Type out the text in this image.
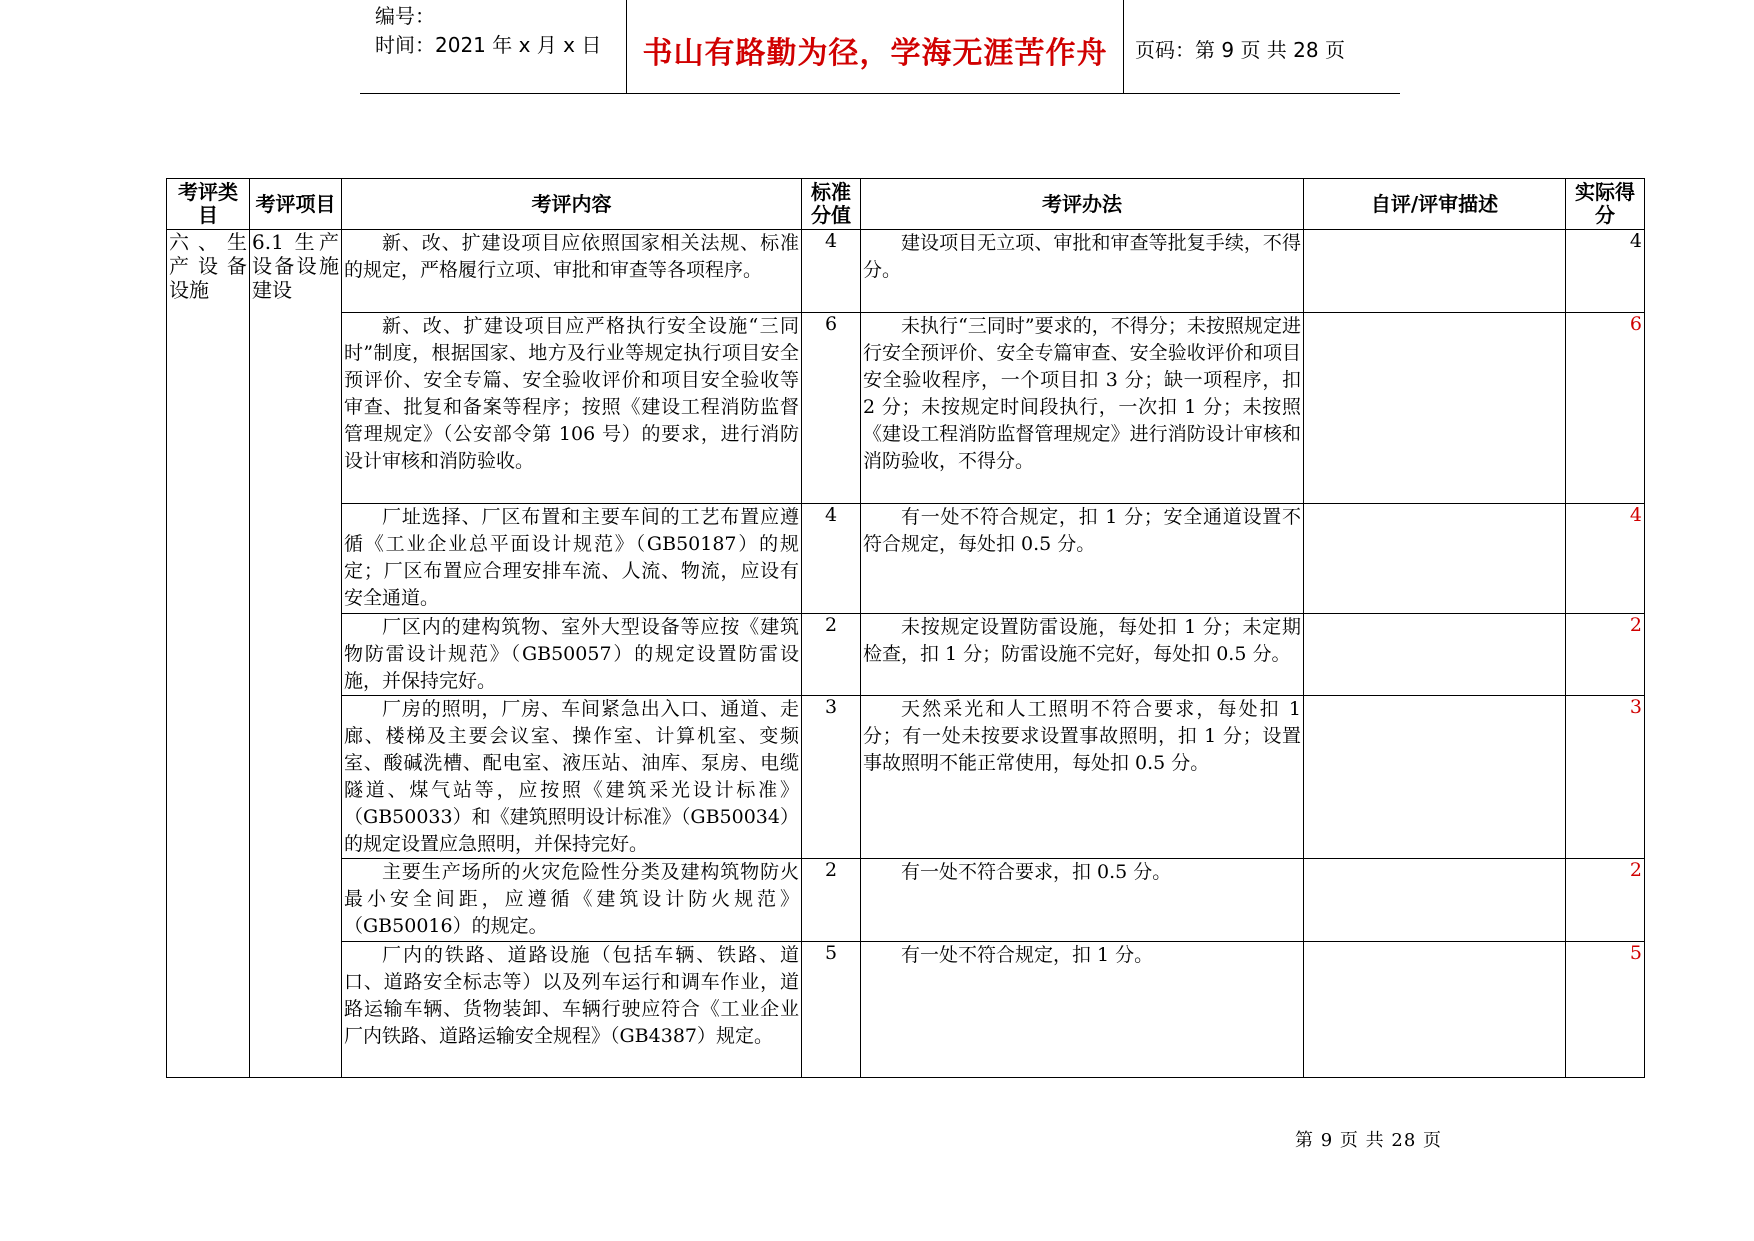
编号：
时间：2021 年 x 月 x 日	书山有路勤为径，学海无涯苦作舟	页码：第 9 页 共 28 页
考评类目	考评项目	考评内容	标准分值	考评办法	自评/评审描述	实际得分
六、生产设备设施	6.1 生产设备设施建设	新、改、扩建设项目应依照国家相关法规、标准的规定，严格履行立项、审批和审查等各项程序。	4	建设项目无立项、审批和审查等批复手续，不得分。		4

		新、改、扩建设项目应严格执行安全设施“三同时”制度，根据国家、地方及行业等规定执行项目安全预评价、安全专篇、安全验收评价和项目安全验收等审查、批复和备案等程序；按照《建设工程消防监督管理规定》（公安部令第 106 号）的要求，进行消防设计审核和消防验收。	6	未执行“三同时”要求的，不得分；未按照规定进行安全预评价、安全专篇审查、安全验收评价和项目安全验收程序，一个项目扣 3 分；缺一项程序，扣 2 分；未按规定时间段执行，一次扣 1 分；未按照《建设工程消防监督管理规定》进行消防设计审核和消防验收，不得分。		6

		厂址选择、厂区布置和主要车间的工艺布置应遵循《工业企业总平面设计规范》（GB50187）的规定；厂区布置应合理安排车流、人流、物流，应设有安全通道。	4	有一处不符合规定，扣 1 分；安全通道设置不符合规定，每处扣 0.5 分。		4

		厂区内的建构筑物、室外大型设备等应按《建筑物防雷设计规范》（GB50057）的规定设置防雷设施，并保持完好。	2	未按规定设置防雷设施，每处扣 1 分；未定期检查，扣 1 分；防雷设施不完好，每处扣 0.5 分。		2

		厂房的照明，厂房、车间紧急出入口、通道、走廊、楼梯及主要会议室、操作室、计算机室、变频室、酸碱洗槽、配电室、液压站、油库、泵房、电缆隧道、煤气站等，应按照《建筑采光设计标准》（GB50033）和《建筑照明设计标准》（GB50034）的规定设置应急照明，并保持完好。	3	天然采光和人工照明不符合要求，每处扣 1 分；有一处未按要求设置事故照明，扣 1 分；设置事故照明不能正常使用，每处扣 0.5 分。		3

		主要生产场所的火灾危险性分类及建构筑物防火最小安全间距，应遵循《建筑设计防火规范》（GB50016）的规定。	2	有一处不符合要求，扣 0.5 分。		2

		厂内的铁路、道路设施（包括车辆、铁路、道口、道路安全标志等）以及列车运行和调车作业，道路运输车辆、货物装卸、车辆行驶应符合《工业企业厂内铁路、道路运输安全规程》（GB4387）规定。	5	有一处不符合规定，扣 1 分。		5
第 9 页 共 28 页
